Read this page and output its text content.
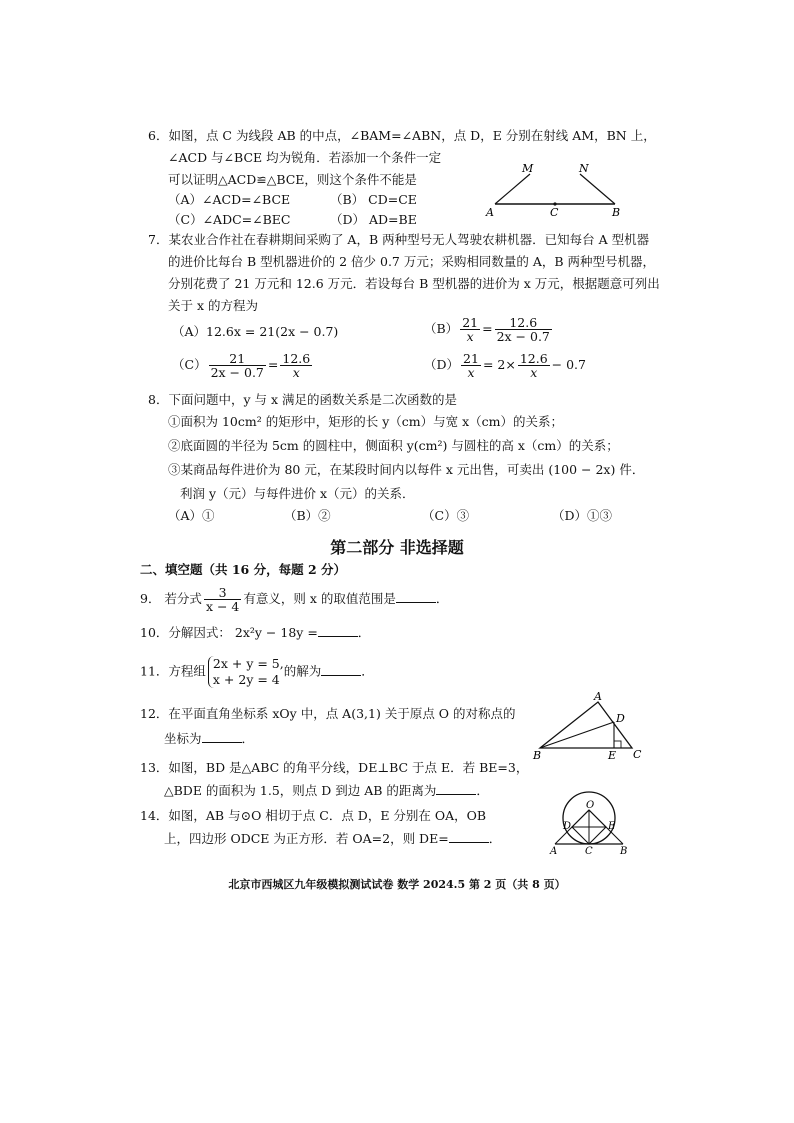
6．如图，点 C 为线段 AB 的中点，∠BAM=∠ABN，点 D，E 分别在射线 AM，BN 上，
∠ACD 与∠BCE 均为锐角．若添加一个条件一定
可以证明△ACD≌△BCE，则这个条件不能是
（A）∠ACD=∠BCE	（B） CD=CE
（C）∠ADC=∠BEC	（D） AD=BE
M	N
A	C	B
7．某农业合作社在春耕期间采购了 A，B 两种型号无人驾驶农耕机器．已知每台 A 型机器
的进价比每台 B 型机器进价的 2 倍少 0.7 万元；采购相同数量的 A，B 两种型号机器，
分别花费了 21 万元和 12.6 万元．若设每台 B 型机器的进价为 x 万元，根据题意可列出
关于 x 的方程为
（A）12.6x = 21(2x − 0.7)	$(B) \frac{21}{x} = \frac{12.6}{2x - 0.7}$
$(C) \frac{21}{2x - 0.7} = \frac{12.6}{x}$	$(D) \frac{21}{x} = 2\times \frac{12.6}{x} - 0.7$
8．下面问题中，y 与 x 满足的函数关系是二次函数的是
①面积为 10cm² 的矩形中，矩形的长 y（cm）与宽 x（cm）的关系；
②底面圆的半径为 5cm 的圆柱中，侧面积 y(cm²) 与圆柱的高 x（cm）的关系；
③某商品每件进价为 80 元，在某段时间内以每件 x 元出售，可卖出 (100 − 2x) 件．
利润 y（元）与每件进价 x（元）的关系．
（A）①	（B）②	（C）③	（D）①③
第二部分 非选择题
二、填空题（共 16 分，每题 2 分）
9． 若分式 $\frac{3}{x - 4}$ 有意义，则 x 的取值范围是	．
10．分解因式： 2x²y − 18y =	．
11．方程组 2x + y = 5,
x + 2y = 4
的解为	．
12．在平面直角坐标系 xOy 中，点 A(3,1) 关于原点 O 的对称点的
坐标为	．
13．如图，BD 是△ABC 的角平分线，DE⊥BC 于点 E．若 BE=3，
△BDE 的面积为 1.5，则点 D 到边 AB 的距离为	．
A
D
B	E C
14．如图，AB 与⊙O 相切于点 C．点 D，E 分别在 OA，OB
上，四边形 ODCE 为正方形．若 OA=2，则 DE=	．
O
D	E
A	C	B
北京市西城区九年级模拟测试试卷 数学 2024.5 第 2 页（共 8 页）
